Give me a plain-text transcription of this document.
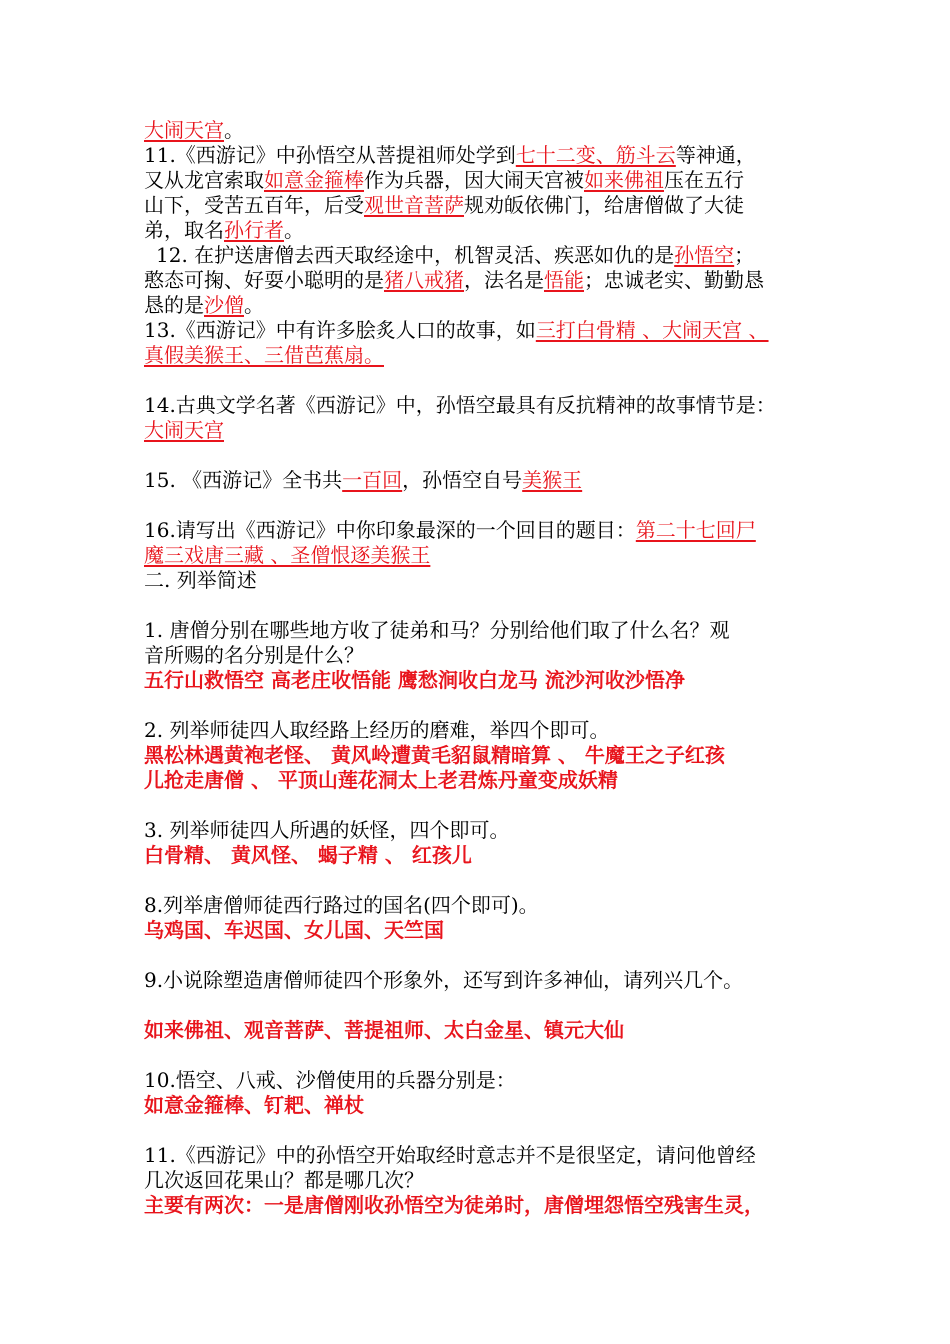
大闹天宫。

11.《西游记》中孙悟空从菩提祖师处学到七十二变、筋斗云等神通，
又从龙宫索取如意金箍棒作为兵器，因大闹天宫被如来佛祖压在五行
山下，受苦五百年，后受观世音菩萨规劝皈依佛门，给唐僧做了大徒
弟，取名孙行者。

12. 在护送唐僧去西天取经途中，机智灵活、疾恶如仇的是孙悟空；

憨态可掬、好耍小聪明的是猪八戒猪，法名是悟能；忠诚老实、勤勤恳
恳的是沙僧。

13.《西游记》中有许多脍炙人口的故事，如三打白骨精 、大闹天宫 、
真假美猴王、三借芭蕉扇。

14.古典文学名著《西游记》中，孙悟空最具有反抗精神的故事情节是：
大闹天宫

15. 《西游记》全书共一百回，孙悟空自号美猴王

16.请写出《西游记》中你印象最深的一个回目的题目：第二十七回尸
魔三戏唐三藏 、圣僧恨逐美猴王

二. 列举简述

1. 唐僧分别在哪些地方收了徒弟和马？分别给他们取了什么名？观
音所赐的名分别是什么？
五行山救悟空 高老庄收悟能 鹰愁涧收白龙马 流沙河收沙悟净

2. 列举师徒四人取经路上经历的磨难，举四个即可。
黑松林遇黄袍老怪、 黄风岭遭黄毛貂鼠精暗算 、 牛魔王之子红孩
儿抢走唐僧 、 平顶山莲花洞太上老君炼丹童变成妖精

3. 列举师徒四人所遇的妖怪，四个即可。
白骨精、 黄风怪、 蝎子精 、 红孩儿

8.列举唐僧师徒西行路过的国名(四个即可)。
乌鸡国、车迟国、女儿国、天竺国

9.小说除塑造唐僧师徒四个形象外，还写到许多神仙，请列兴几个。

如来佛祖、观音菩萨、菩提祖师、太白金星、镇元大仙

10.悟空、八戒、沙僧使用的兵器分别是：
如意金箍棒、钉耙、禅杖

11.《西游记》中的孙悟空开始取经时意志并不是很坚定，请问他曾经
几次返回花果山？都是哪几次？
主要有两次：一是唐僧刚收孙悟空为徒弟时，唐僧埋怨悟空残害生灵，
